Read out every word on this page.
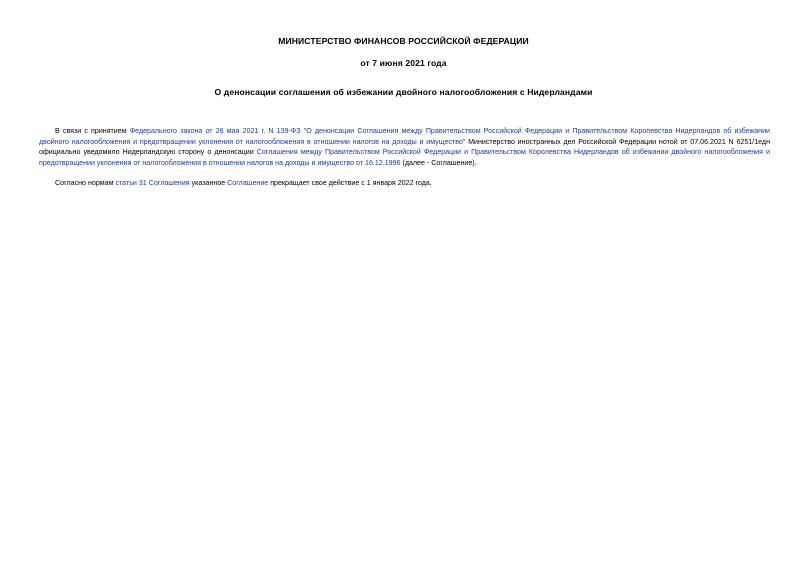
МИНИСТЕРСТВО ФИНАНСОВ РОССИЙСКОЙ ФЕДЕРАЦИИ
от 7 июня 2021 года
О денонсации соглашения об избежании двойного налогообложения с Нидерландами

В связи с принятием Федерального закона от 26 мая 2021 г. N 139-ФЗ "О денонсации Соглашения между Правительством Российской Федерации и Правительством Королевства Нидерландов об избежании двойного налогообложения и предотвращении уклонения от налогообложения в отношении налогов на доходы и имущество" Министерство иностранных дел Российской Федерации нотой от 07.06.2021 N 6251/1едн официально уведомило Нидерландскую сторону о денонсации Соглашения между Правительством Российской Федерации и Правительством Королевства Нидерландов об избежании двойного налогообложения и предотвращении уклонения от налогообложения в отношении налогов на доходы и имущество от 16.12.1996 (далее - Соглашение).

Согласно нормам статьи 31 Соглашения указанное Соглашение прекращает свое действие с 1 января 2022 года.
